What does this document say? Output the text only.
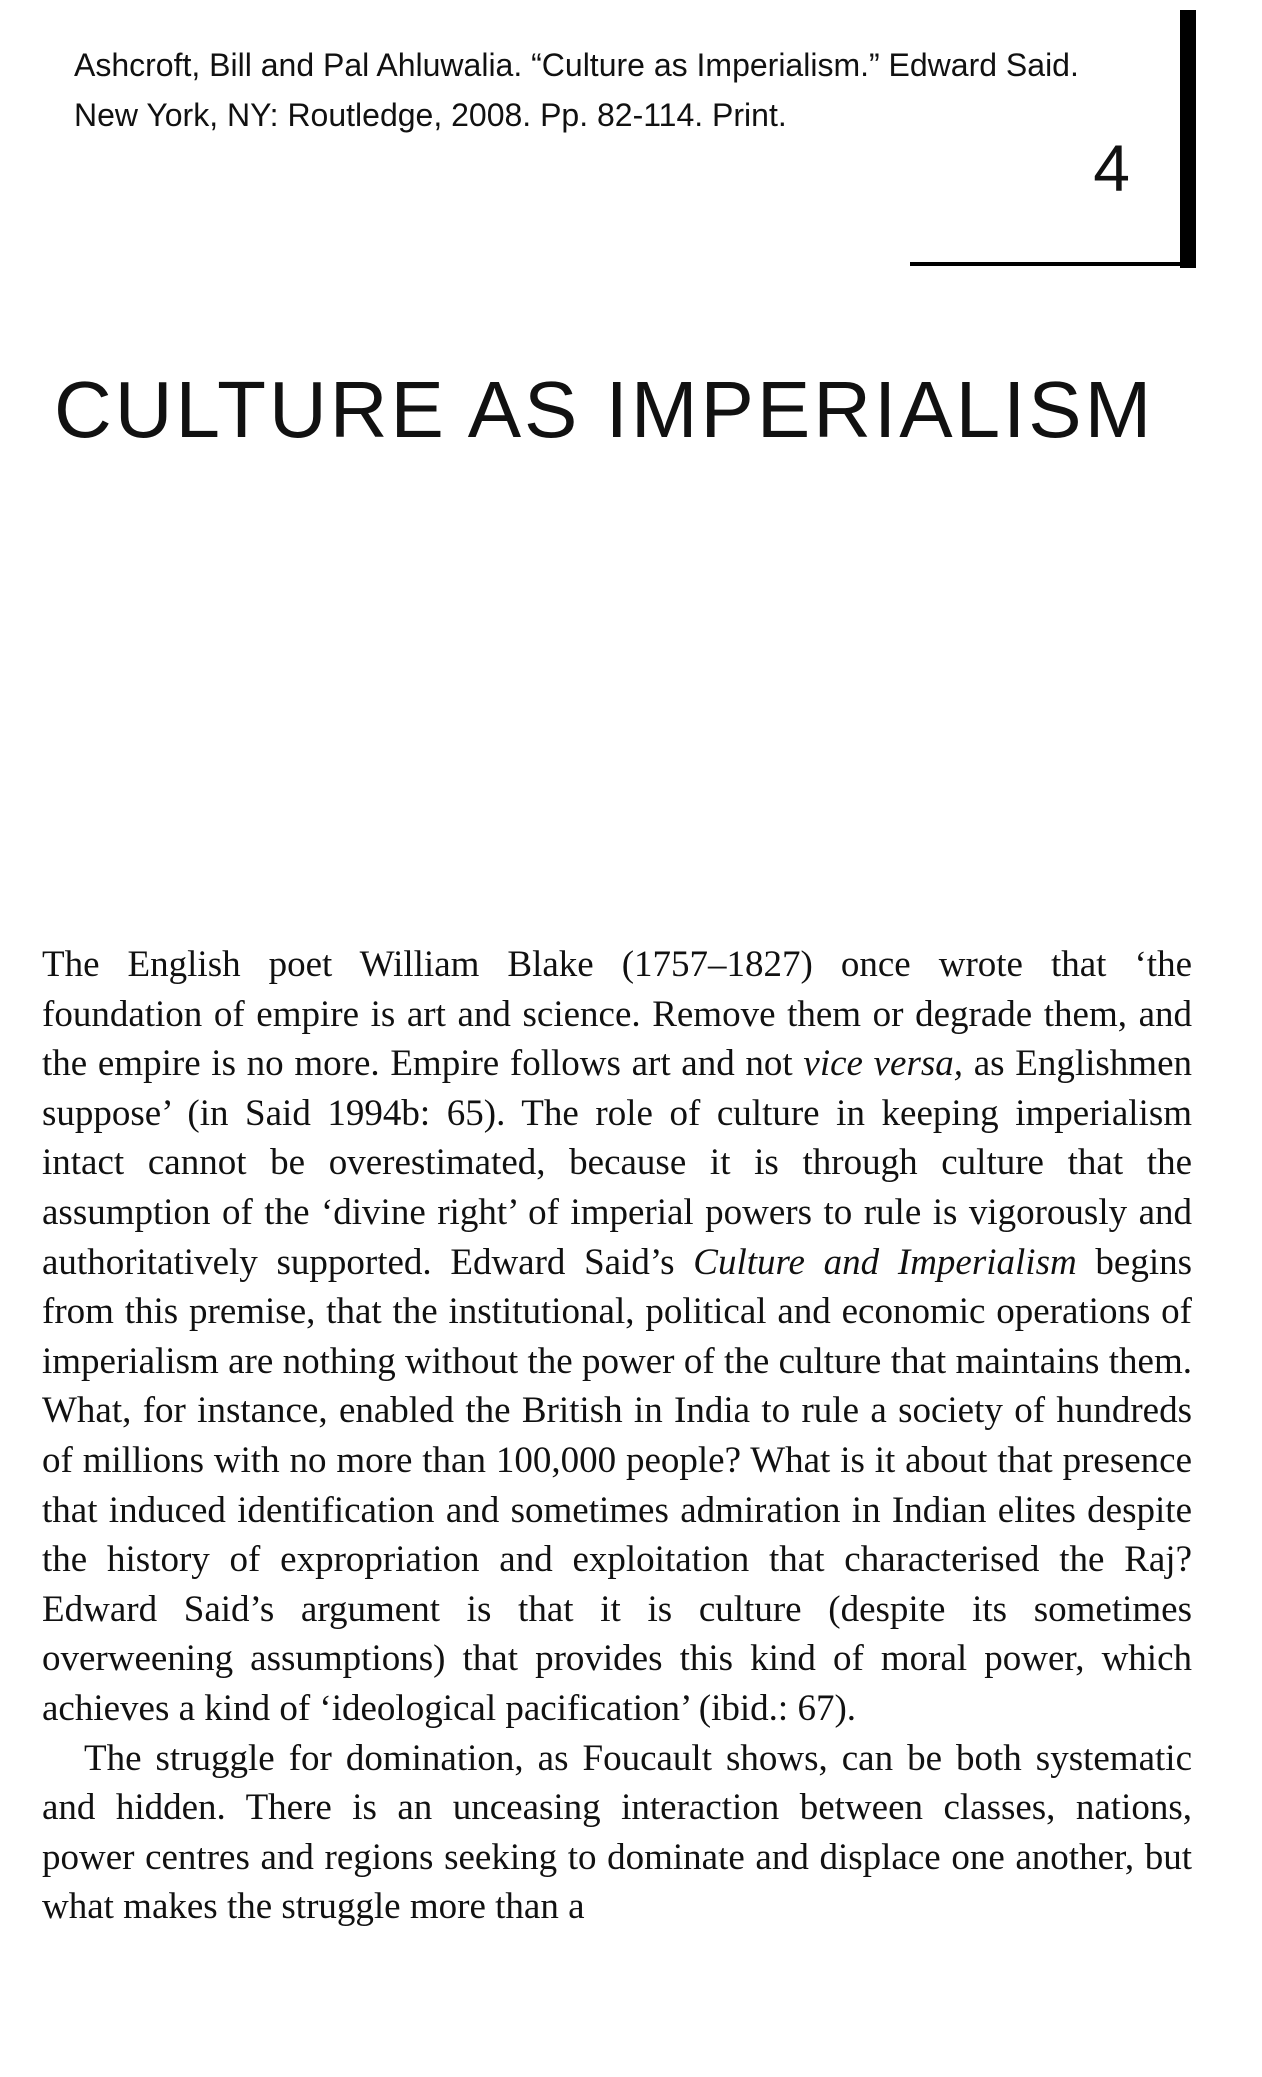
Ashcroft, Bill and Pal Ahluwalia. “Culture as Imperialism.” Edward Said.
New York, NY: Routledge, 2008. Pp. 82-114. Print.
4
CULTURE AS IMPERIALISM

The English poet William Blake (1757–1827) once wrote that ‘the foundation of empire is art and science. Remove them or degrade them, and the empire is no more. Empire follows art and not vice versa, as Englishmen suppose’ (in Said 1994b: 65). The role of culture in keeping imperialism intact cannot be overestimated, because it is through culture that the assumption of the ‘divine right’ of imperial powers to rule is vigorously and authoritatively supported. Edward Said’s Culture and Imperialism begins from this premise, that the institutional, political and economic operations of imperialism are nothing without the power of the culture that maintains them. What, for instance, enabled the British in India to rule a society of hundreds of millions with no more than 100,000 people? What is it about that presence that induced identification and sometimes admiration in Indian elites despite the history of expropriation and exploitation that characterised the Raj? Edward Said’s argument is that it is culture (despite its sometimes overweening assumptions) that provides this kind of moral power, which achieves a kind of ‘ideological pacification’ (ibid.: 67).

The struggle for domination, as Foucault shows, can be both systematic and hidden. There is an unceasing interaction between classes, nations, power centres and regions seeking to dominate and displace one another, but what makes the struggle more than a
